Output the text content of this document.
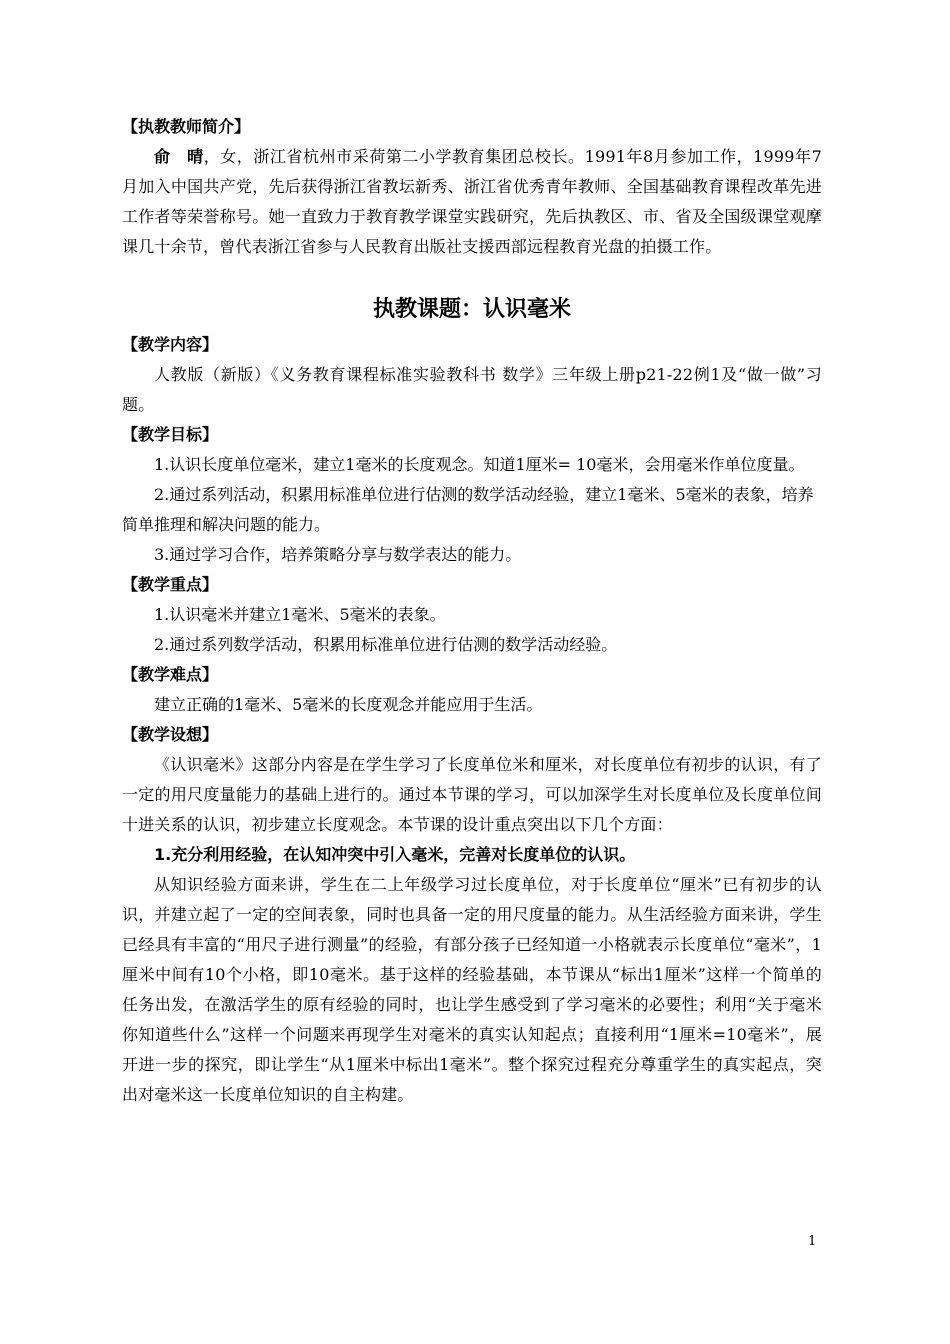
【执教教师简介】

俞　晴，女，浙江省杭州市采荷第二小学教育集团总校长。1991年8月参加工作，1999年7月加入中国共产党，先后获得浙江省教坛新秀、浙江省优秀青年教师、全国基础教育课程改革先进工作者等荣誉称号。她一直致力于教育教学课堂实践研究，先后执教区、市、省及全国级课堂观摩课几十余节，曾代表浙江省参与人民教育出版社支援西部远程教育光盘的拍摄工作。

执教课题：认识毫米
【教学内容】

人教版（新版）《义务教育课程标准实验教科书 数学》三年级上册p21-22例1及“做一做”习题。

【教学目标】

1.认识长度单位毫米，建立1毫米的长度观念。知道1厘米= 10毫米，会用毫米作单位度量。

2.通过系列活动，积累用标准单位进行估测的数学活动经验，建立1毫米、5毫米的表象，培养简单推理和解决问题的能力。

3.通过学习合作，培养策略分享与数学表达的能力。

【教学重点】

1.认识毫米并建立1毫米、5毫米的表象。

2.通过系列数学活动，积累用标准单位进行估测的数学活动经验。

【教学难点】

建立正确的1毫米、5毫米的长度观念并能应用于生活。

【教学设想】

《认识毫米》这部分内容是在学生学习了长度单位米和厘米，对长度单位有初步的认识，有了一定的用尺度量能力的基础上进行的。通过本节课的学习，可以加深学生对长度单位及长度单位间十进关系的认识，初步建立长度观念。本节课的设计重点突出以下几个方面：

1.充分利用经验，在认知冲突中引入毫米，完善对长度单位的认识。

从知识经验方面来讲，学生在二上年级学习过长度单位，对于长度单位“厘米”已有初步的认识，并建立起了一定的空间表象，同时也具备一定的用尺度量的能力。从生活经验方面来讲，学生已经具有丰富的“用尺子进行测量”的经验，有部分孩子已经知道一小格就表示长度单位“毫米”，1厘米中间有10个小格，即10毫米。基于这样的经验基础，本节课从“标出1厘米”这样一个简单的任务出发，在激活学生的原有经验的同时，也让学生感受到了学习毫米的必要性；利用“关于毫米你知道些什么”这样一个问题来再现学生对毫米的真实认知起点；直接利用“1厘米=10毫米”，展开进一步的探究，即让学生“从1厘米中标出1毫米”。整个探究过程充分尊重学生的真实起点，突出对毫米这一长度单位知识的自主构建。

1
